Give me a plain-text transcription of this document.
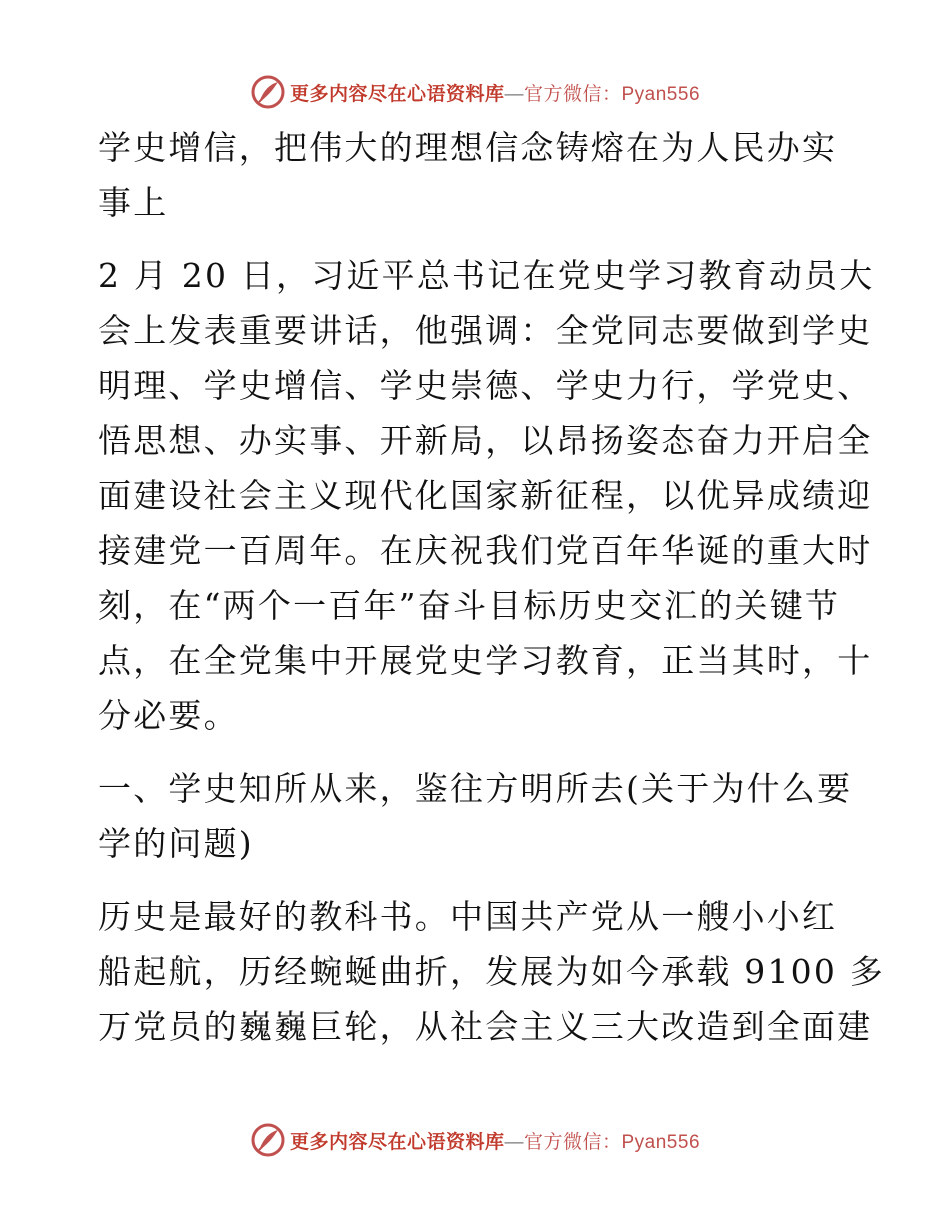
更多内容尽在心语资料库—官方微信：Pyan556

学史增信，把伟大的理想信念铸熔在为人民办实
事上

2 月 20 日，习近平总书记在党史学习教育动员大
会上发表重要讲话，他强调：全党同志要做到学史
明理、学史增信、学史崇德、学史力行，学党史、
悟思想、办实事、开新局，以昂扬姿态奋力开启全
面建设社会主义现代化国家新征程，以优异成绩迎
接建党一百周年。在庆祝我们党百年华诞的重大时
刻，在“两个一百年”奋斗目标历史交汇的关键节
点，在全党集中开展党史学习教育，正当其时，十
分必要。

一、学史知所从来，鉴往方明所去(关于为什么要
学的问题)

历史是最好的教科书。中国共产党从一艘小小红
船起航，历经蜿蜒曲折，发展为如今承载 9100 多
万党员的巍巍巨轮，从社会主义三大改造到全面建

更多内容尽在心语资料库—官方微信：Pyan556
